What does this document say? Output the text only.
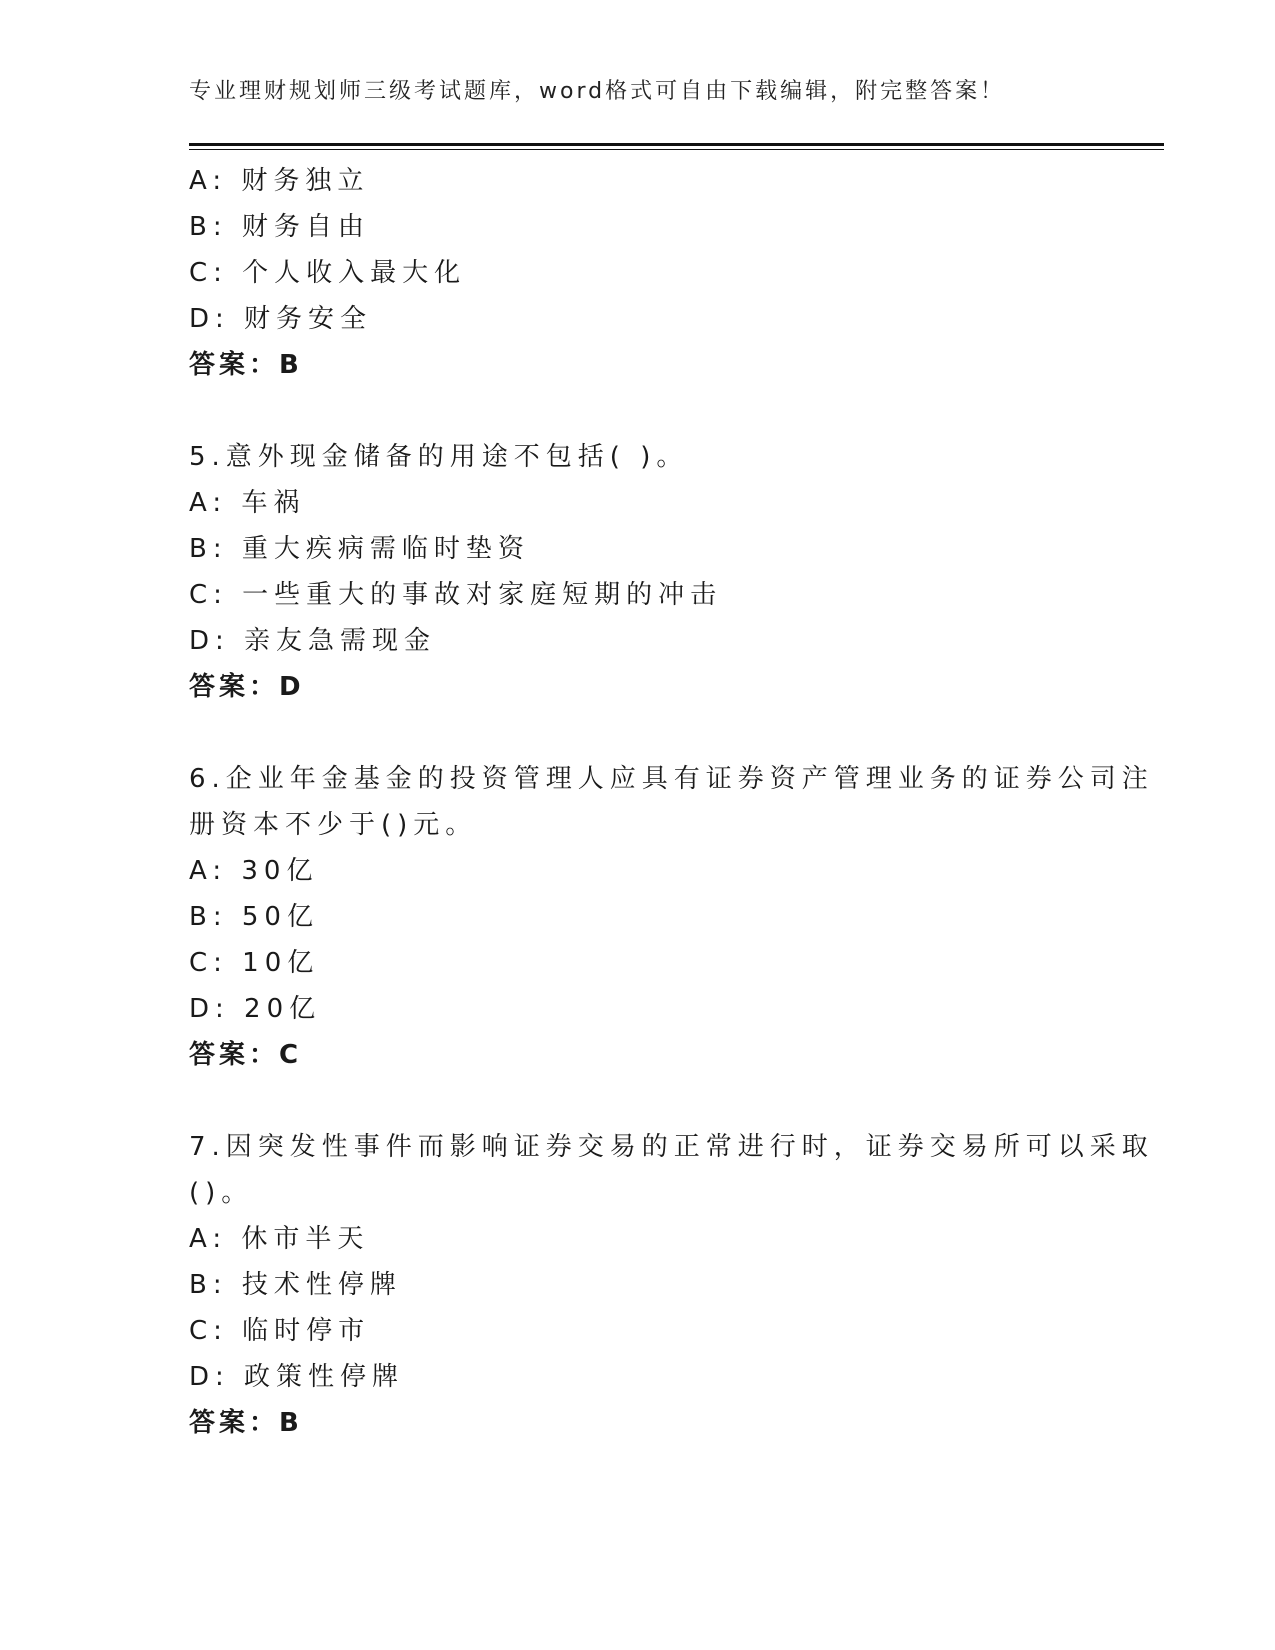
专业理财规划师三级考试题库，word格式可自由下载编辑，附完整答案！
A: 财务独立
B: 财务自由
C: 个人收入最大化
D: 财务安全
答案：B
5.意外现金储备的用途不包括( )。
A: 车祸
B: 重大疾病需临时垫资
C: 一些重大的事故对家庭短期的冲击
D: 亲友急需现金
答案：D
6.企业年金基金的投资管理人应具有证券资产管理业务的证券公司注
册资本不少于()元。
A: 30亿
B: 50亿
C: 10亿
D: 20亿
答案：C
7.因突发性事件而影响证券交易的正常进行时，证券交易所可以采取
()。
A: 休市半天
B: 技术性停牌
C: 临时停市
D: 政策性停牌
答案：B
